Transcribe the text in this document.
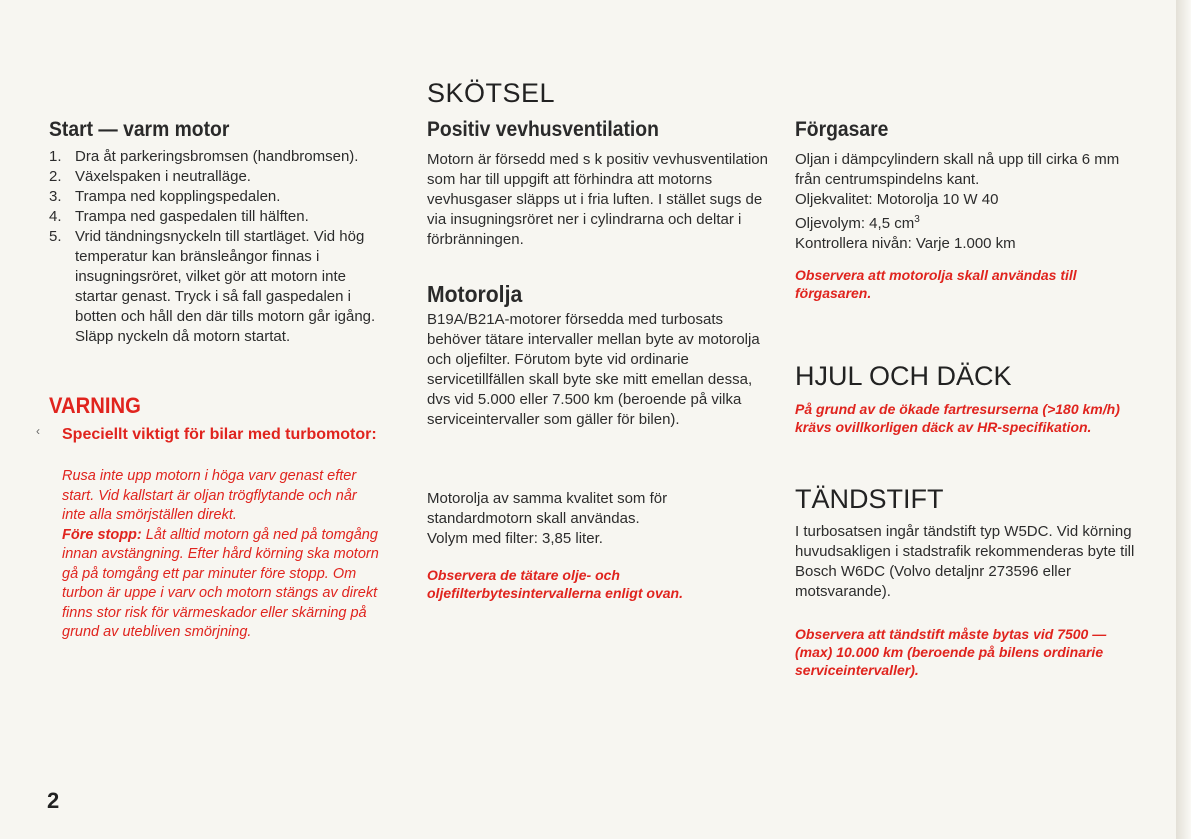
SKÖTSEL
Start — varm motor
1. Dra åt parkeringsbromsen (handbromsen).
2. Växelspaken i neutralläge.
3. Trampa ned kopplingspedalen.
4. Trampa ned gaspedalen till hälften.
5. Vrid tändningsnyckeln till startläget. Vid hög temperatur kan bränsleångor finnas i insugningsröret, vilket gör att motorn inte startar genast. Tryck i så fall gaspedalen i botten och håll den där tills motorn går igång. Släpp nyckeln då motorn startat.
VARNING
‹ Speciellt viktigt för bilar med turbomotor:

Rusa inte upp motorn i höga varv genast efter start. Vid kallstart är oljan trögflytande och når inte alla smörjställen direkt.
Före stopp: Låt alltid motorn gå ned på tomgång innan avstängning. Efter hård körning ska motorn gå på tomgång ett par minuter före stopp. Om turbon är uppe i varv och motorn stängs av direkt finns stor risk för värmeskador eller skärning på grund av utebliven smörjning.

2
Positiv vevhusventilation

Motorn är försedd med s k positiv vevhusventilation som har till uppgift att förhindra att motorns vevhusgaser släpps ut i fria luften. I stället sugs de via insugningsröret ner i cylindrarna och deltar i förbränningen.

Motorolja

B19A/B21A-motorer försedda med turbosats behöver tätare intervaller mellan byte av motorolja och oljefilter. Förutom byte vid ordinarie servicetillfällen skall byte ske mitt emellan dessa, dvs vid 5.000 eller 7.500 km (beroende på vilka serviceintervaller som gäller för bilen).

Motorolja av samma kvalitet som för standardmotorn skall användas.

Volym med filter: 3,85 liter.

Observera de tätare olje- och oljefilterbytesintervallerna enligt ovan.

Förgasare

Oljan i dämpcylindern skall nå upp till cirka 6 mm från centrumspindelns kant.
Oljekvalitet: Motorolja 10 W 40
Oljevolym: 4,5 $cm^3$
Kontrollera nivån: Varje 1.000 km

Observera att motorolja skall användas till förgasaren.

HJUL OCH DÄCK

På grund av de ökade fartresurserna (>180 km/h) krävs ovillkorligen däck av HR-specifikation.

TÄNDSTIFT

I turbosatsen ingår tändstift typ W5DC. Vid körning huvudsakligen i stadstrafik rekommenderas byte till Bosch W6DC (Volvo detaljnr 273596 eller motsvarande).

Observera att tändstift måste bytas vid 7500 — (max) 10.000 km (beroende på bilens ordinarie serviceintervaller).
